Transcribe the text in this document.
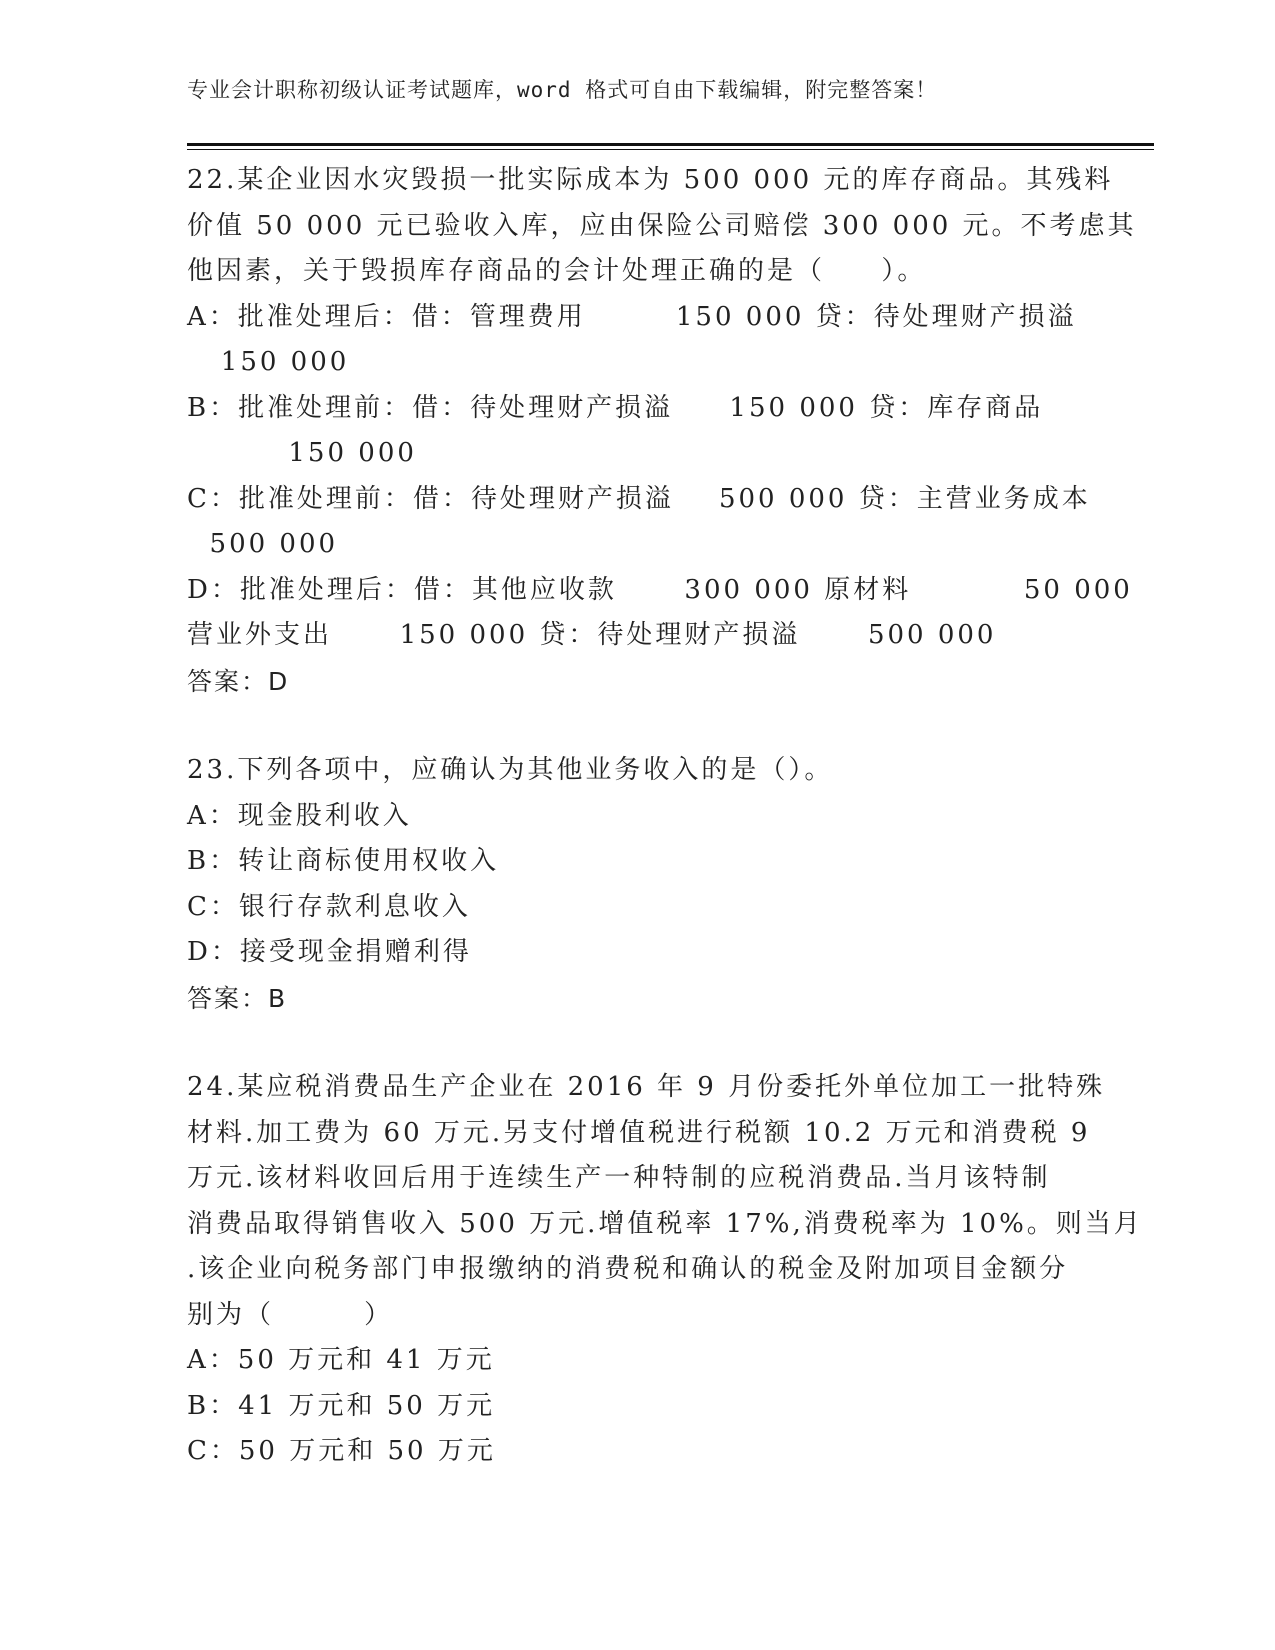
专业会计职称初级认证考试题库，word 格式可自由下载编辑，附完整答案！
22.某企业因水灾毁损一批实际成本为 500 000 元的库存商品。其残料
价值 50 000 元已验收入库，应由保险公司赔偿 300 000 元。不考虑其
他因素，关于毁损库存商品的会计处理正确的是（     ）。
A：批准处理后：借：管理费用        150 000 贷：待处理财产损溢
150 000
B：批准处理前：借：待处理财产损溢     150 000 贷：库存商品
150 000
C：批准处理前：借：待处理财产损溢    500 000 贷：主营业务成本
500 000
D：批准处理后：借：其他应收款      300 000 原材料          50 000
营业外支出      150 000 贷：待处理财产损溢      500 000
答案：D
23.下列各项中，应确认为其他业务收入的是（）。
A：现金股利收入
B：转让商标使用权收入
C：银行存款利息收入
D：接受现金捐赠利得
答案：B
24.某应税消费品生产企业在 2016 年 9 月份委托外单位加工一批特殊
材料.加工费为 60 万元.另支付增值税进行税额 10.2 万元和消费税 9
万元.该材料收回后用于连续生产一种特制的应税消费品.当月该特制
消费品取得销售收入 500 万元.增值税率 17%,消费税率为 10%。则当月
.该企业向税务部门申报缴纳的消费税和确认的税金及附加项目金额分
别为（        ）
A：50 万元和 41 万元
B：41 万元和 50 万元
C：50 万元和 50 万元
